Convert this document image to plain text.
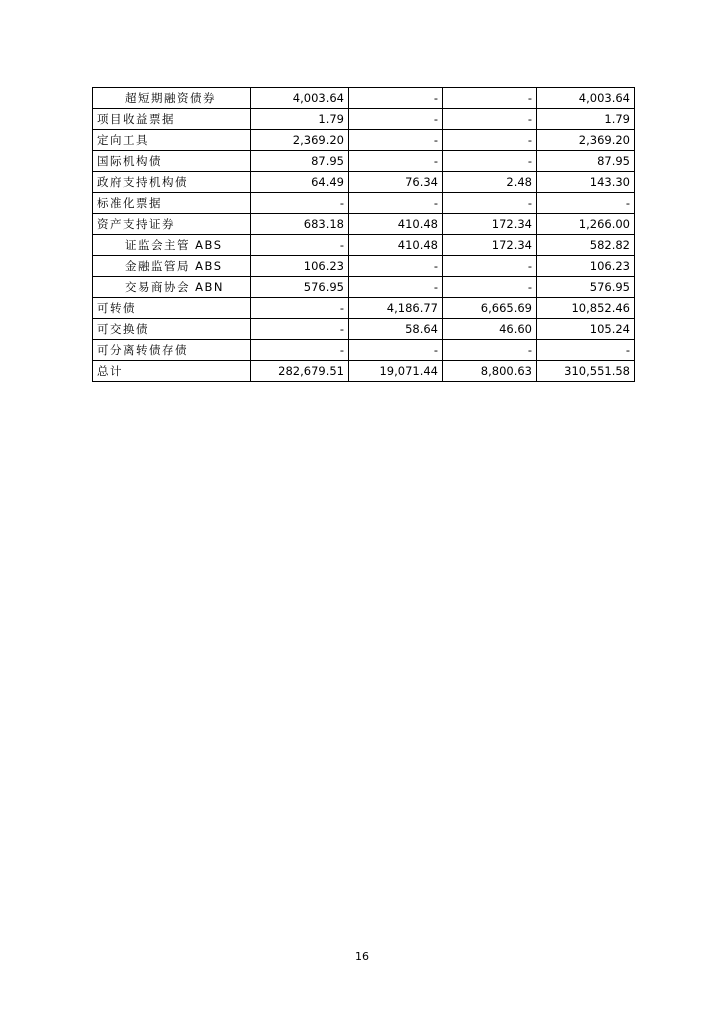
超短期融资债券	4,003.64	-	-	4,003.64
项目收益票据	1.79	-	-	1.79
定向工具	2,369.20	-	-	2,369.20
国际机构债	87.95	-	-	87.95
政府支持机构债	64.49	76.34	2.48	143.30
标准化票据	-	-	-	-
资产支持证券	683.18	410.48	172.34	1,266.00
证监会主管 ABS	-	410.48	172.34	582.82
金融监管局 ABS	106.23	-	-	106.23
交易商协会 ABN	576.95	-	-	576.95
可转债	-	4,186.77	6,665.69	10,852.46
可交换债	-	58.64	46.60	105.24
可分离转债存债	-	-	-	-
总计	282,679.51	19,071.44	8,800.63	310,551.58
16
